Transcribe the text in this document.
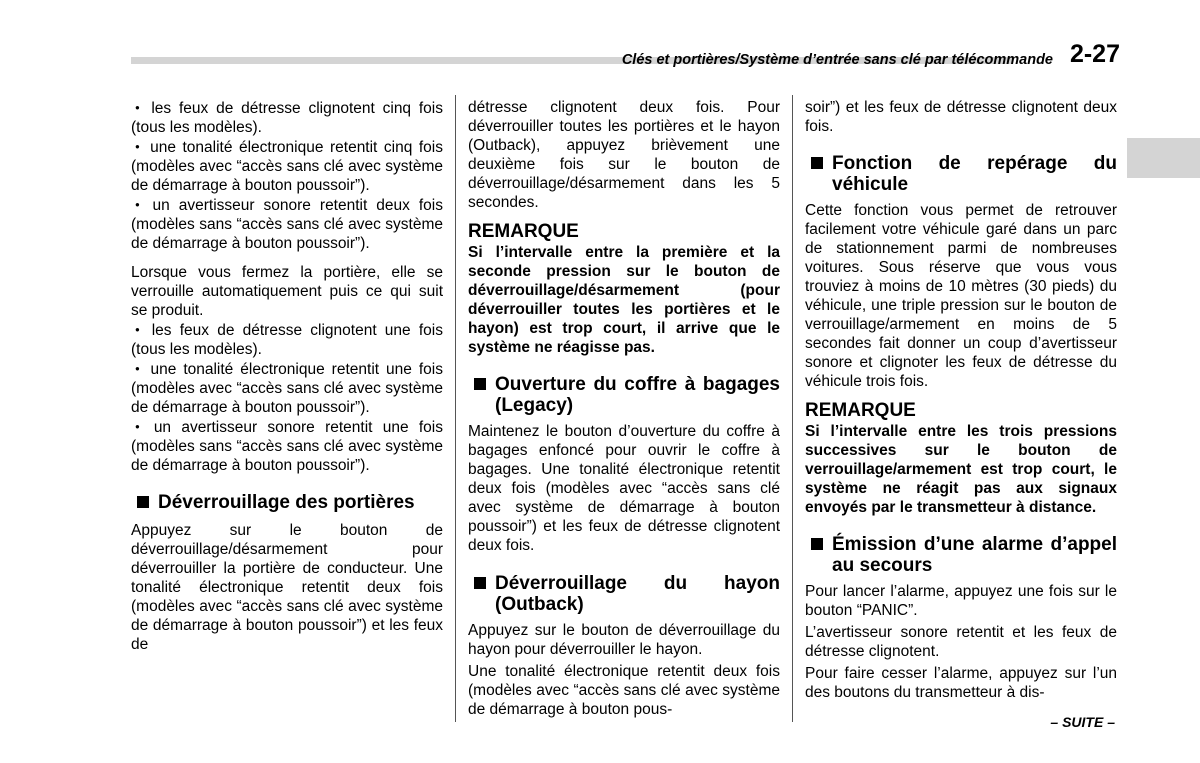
Clés et portières/Système d’entrée sans clé par télécommande 2-27

● les feux de détresse clignotent cinq fois (tous les modèles).

● une tonalité électronique retentit cinq fois (modèles avec “accès sans clé avec système de démarrage à bouton poussoir”).

● un avertisseur sonore retentit deux fois (modèles sans “accès sans clé avec système de démarrage à bouton poussoir”).

Lorsque vous fermez la portière, elle se verrouille automatiquement puis ce qui suit se produit.

● les feux de détresse clignotent une fois (tous les modèles).

● une tonalité électronique retentit une fois (modèles avec “accès sans clé avec système de démarrage à bouton poussoir”).

● un avertisseur sonore retentit une fois (modèles sans “accès sans clé avec système de démarrage à bouton poussoir”).

Déverrouillage des portières

Appuyez sur le bouton de déverrouillage/désarmement pour déverrouiller la portière de conducteur. Une tonalité électronique retentit deux fois (modèles avec “accès sans clé avec système de démarrage à bouton poussoir”) et les feux de

détresse clignotent deux fois. Pour déverrouiller toutes les portières et le hayon (Outback), appuyez brièvement une deuxième fois sur le bouton de déverrouillage/désarmement dans les 5 secondes.

REMARQUE

Si l’intervalle entre la première et la seconde pression sur le bouton de déverrouillage/désarmement (pour déverrouiller toutes les portières et le hayon) est trop court, il arrive que le système ne réagisse pas.

Ouverture du coffre à bagages (Legacy)

Maintenez le bouton d’ouverture du coffre à bagages enfoncé pour ouvrir le coffre à bagages. Une tonalité électronique retentit deux fois (modèles avec “accès sans clé avec système de démarrage à bouton poussoir”) et les feux de détresse clignotent deux fois.

Déverrouillage du hayon (Outback)

Appuyez sur le bouton de déverrouillage du hayon pour déverrouiller le hayon.

Une tonalité électronique retentit deux fois (modèles avec “accès sans clé avec système de démarrage à bouton pous-

soir”) et les feux de détresse clignotent deux fois.

Fonction de repérage du véhicule

Cette fonction vous permet de retrouver facilement votre véhicule garé dans un parc de stationnement parmi de nombreuses voitures. Sous réserve que vous vous trouviez à moins de 10 mètres (30 pieds) du véhicule, une triple pression sur le bouton de verrouillage/armement en moins de 5 secondes fait donner un coup d’avertisseur sonore et clignoter les feux de détresse du véhicule trois fois.

REMARQUE

Si l’intervalle entre les trois pressions successives sur le bouton de verrouillage/armement est trop court, le système ne réagit pas aux signaux envoyés par le transmetteur à distance.

Émission d’une alarme d’appel au secours

Pour lancer l’alarme, appuyez une fois sur le bouton “PANIC”.

L’avertisseur sonore retentit et les feux de détresse clignotent.

Pour faire cesser l’alarme, appuyez sur l’un des boutons du transmetteur à dis-

– SUITE –
